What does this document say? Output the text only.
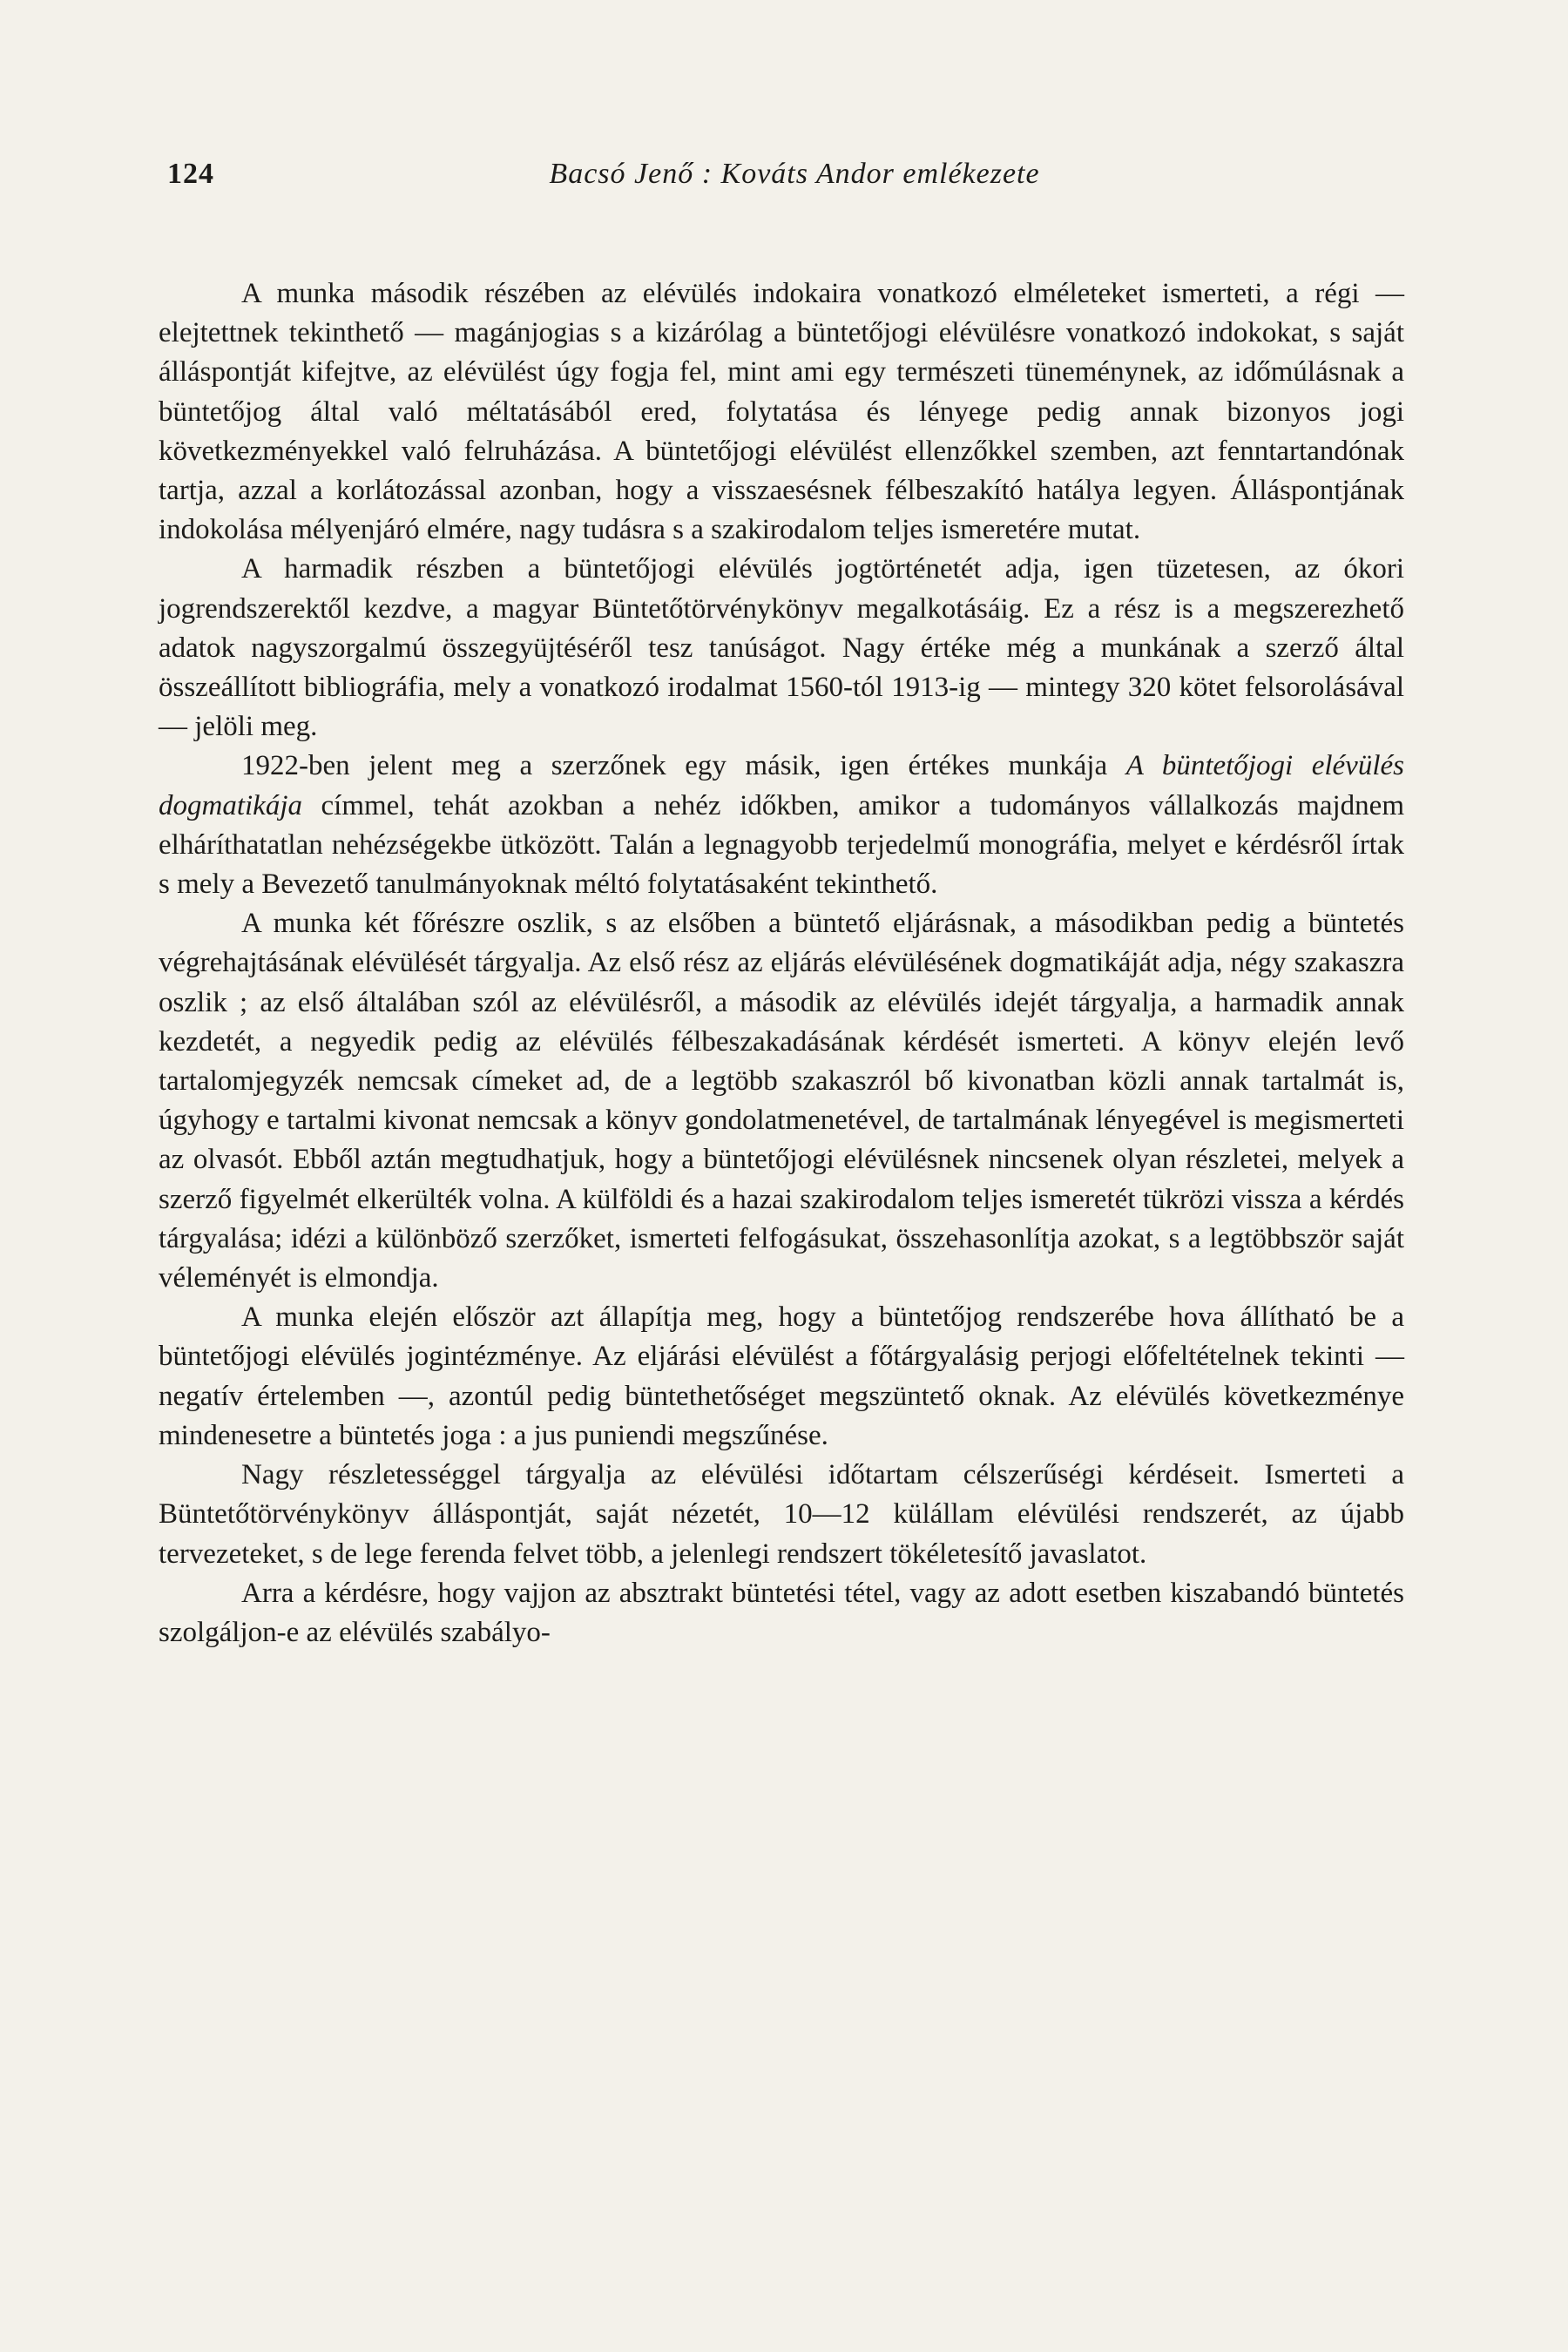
124	Bacsó Jenő : Kováts Andor emlékezete

A munka második részében az elévülés indokaira vonatkozó elméleteket ismerteti, a régi — elejtettnek tekinthető — magánjogias s a kizárólag a büntetőjogi elévülésre vonatkozó indokokat, s saját álláspontját kifejtve, az elévülést úgy fogja fel, mint ami egy természeti tüneménynek, az időmúlásnak a büntetőjog által való méltatásából ered, folytatása és lényege pedig annak bizonyos jogi következményekkel való felruházása. A büntetőjogi elévülést ellenzőkkel szemben, azt fenntartandónak tartja, azzal a korlátozással azonban, hogy a visszaesésnek félbeszakító hatálya legyen. Álláspontjának indokolása mélyenjáró elmére, nagy tudásra s a szakirodalom teljes ismeretére mutat.

A harmadik részben a büntetőjogi elévülés jogtörténetét adja, igen tüzetesen, az ókori jogrendszerektől kezdve, a magyar Büntetőtörvénykönyv megalkotásáig. Ez a rész is a megszerezhető adatok nagyszorgalmú összegyüjtéséről tesz tanúságot. Nagy értéke még a munkának a szerző által összeállított bibliográfia, mely a vonatkozó irodalmat 1560-tól 1913-ig — mintegy 320 kötet felsorolásával — jelöli meg.

1922-ben jelent meg a szerzőnek egy másik, igen értékes munkája A büntetőjogi elévülés dogmatikája címmel, tehát azokban a nehéz időkben, amikor a tudományos vállalkozás majdnem elháríthatatlan nehézségekbe ütközött. Talán a legnagyobb terjedelmű monográfia, melyet e kérdésről írtak s mely a Bevezető tanulmányoknak méltó folytatásaként tekinthető.

A munka két főrészre oszlik, s az elsőben a büntető eljárásnak, a másodikban pedig a büntetés végrehajtásának elévülését tárgyalja. Az első rész az eljárás elévülésének dogmatikáját adja, négy szakaszra oszlik ; az első általában szól az elévülésről, a második az elévülés idejét tárgyalja, a harmadik annak kezdetét, a negyedik pedig az elévülés félbeszakadásának kérdését ismerteti. A könyv elején levő tartalomjegyzék nemcsak címeket ad, de a legtöbb szakaszról bő kivonatban közli annak tartalmát is, úgyhogy e tartalmi kivonat nemcsak a könyv gondolatmenetével, de tartalmának lényegével is megismerteti az olvasót. Ebből aztán megtudhatjuk, hogy a büntetőjogi elévülésnek nincsenek olyan részletei, melyek a szerző figyelmét elkerülték volna. A külföldi és a hazai szakirodalom teljes ismeretét tükrözi vissza a kérdés tárgyalása; idézi a különböző szerzőket, ismerteti felfogásukat, összehasonlítja azokat, s a legtöbbször saját véleményét is elmondja.

A munka elején először azt állapítja meg, hogy a büntetőjog rendszerébe hova állítható be a büntetőjogi elévülés jogintézménye. Az eljárási elévülést a főtárgyalásig perjogi előfeltételnek tekinti — negatív értelemben —, azontúl pedig büntethetőséget megszüntető oknak. Az elévülés következménye mindenesetre a büntetés joga : a jus puniendi megszűnése.

Nagy részletességgel tárgyalja az elévülési időtartam célszerűségi kérdéseit. Ismerteti a Büntetőtörvénykönyv álláspontját, saját nézetét, 10—12 külállam elévülési rendszerét, az újabb tervezeteket, s de lege ferenda felvet több, a jelenlegi rendszert tökéletesítő javaslatot.

Arra a kérdésre, hogy vajjon az absztrakt büntetési tétel, vagy az adott esetben kiszabandó büntetés szolgáljon-e az elévülés szabályo-
